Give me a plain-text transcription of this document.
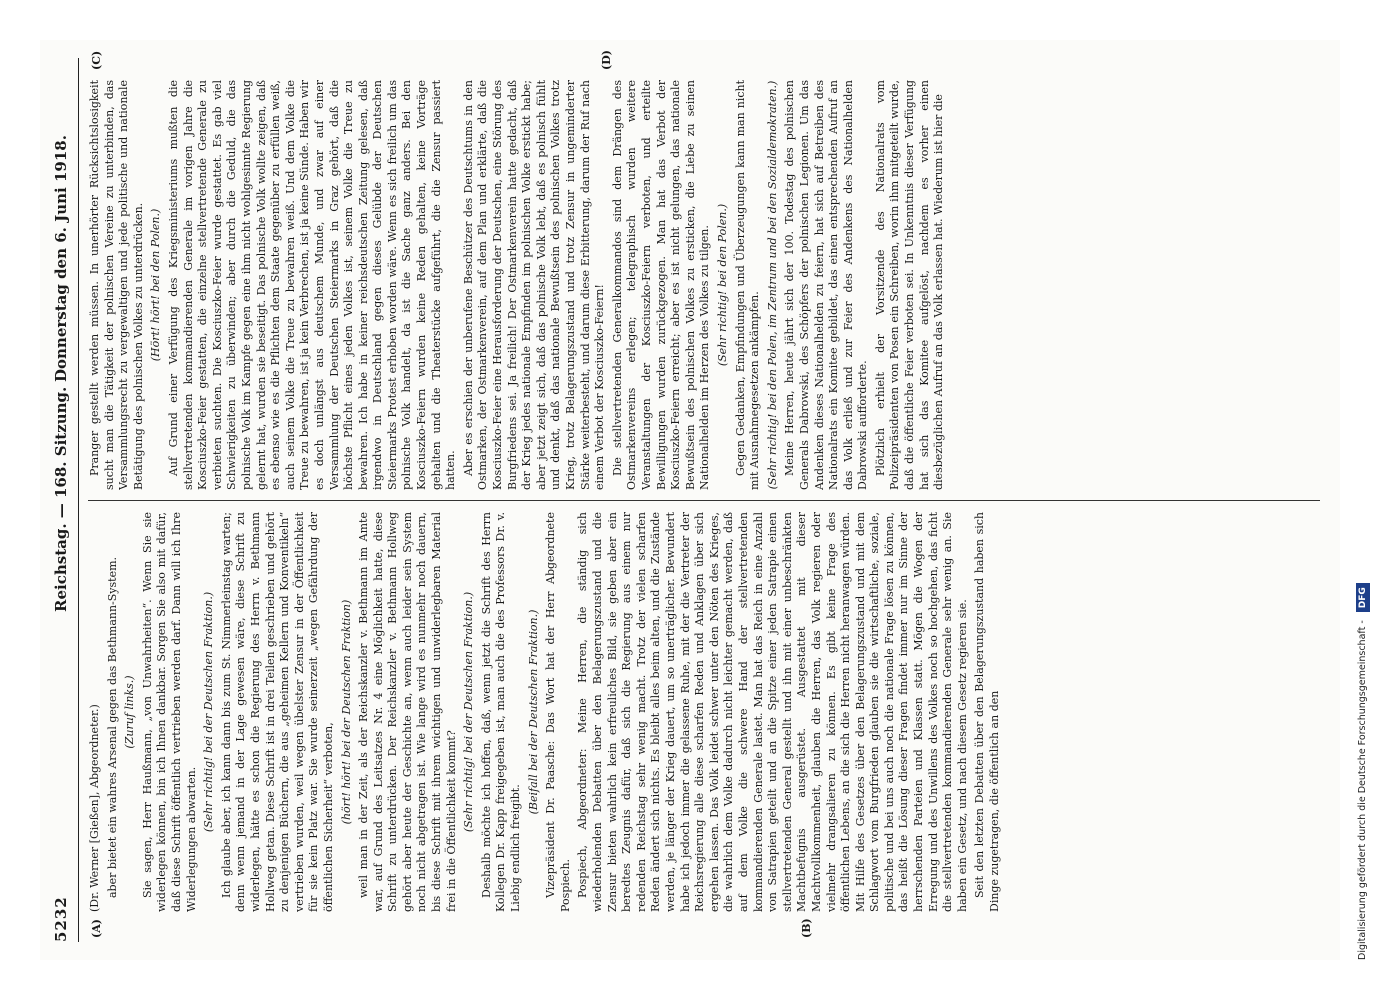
5232
Reichstag. — 168. Sitzung.
Donnerstag den 6. Juni 1918.
(A)	(B)
(C)	(D)

(Dr. Werner [Gießen], Abgeordneter.) aber bietet ein wahres Arsenal gegen das Bethmann-System. (Zuruf links.) Sie sagen, Herr Haußmann, „von Unwahrheiten“. Wenn Sie sie widerlegen können, bin ich Ihnen dankbar. Sorgen Sie also mit dafür, daß diese Schrift öffentlich vertrieben werden darf. Dann will ich Ihre Widerlegungen abwarten.

(Sehr richtig! bei der Deutschen Fraktion.) Ich glaube aber, ich kann dann bis zum St. Nimmerleinstag warten; denn wenn jemand in der Lage gewesen wäre, diese Schrift zu widerlegen, hätte es schon die Regierung des Herrn v. Bethmann Hollweg getan. Diese Schrift ist in drei Teilen geschrieben und gehört zu denjenigen Büchern, die aus „geheimen Kellern und Konventikeln“ vertrieben wurden, weil wegen übelster Zensur in der Öffentlichkeit für sie kein Platz war. Sie wurde seinerzeit „wegen Gefährdung der öffentlichen Sicherheit“ verboten, (hört! hört! bei der Deutschen Fraktion) weil man in der Zeit, als der Reichskanzler v. Bethmann im Amte war, auf Grund des Leitsatzes Nr. 4 eine Möglichkeit hatte, diese Schrift zu unterdrücken. Der Reichskanzler v. Bethmann Hollweg gehört aber heute der Geschichte an, wenn auch leider sein System noch nicht abgetragen ist. Wie lange wird es nunmehr noch dauern, bis diese Schrift mit ihrem wichtigen und unwiderlegbaren Material frei in die Öffentlichkeit kommt? (Sehr richtig! bei der Deutschen Fraktion.) Deshalb möchte ich hoffen, daß, wenn jetzt die Schrift des Herrn Kollegen Dr. Kapp freigegeben ist, man auch die des Professors Dr. v. Liebig endlich freigibt.

(Beifall bei der Deutschen Fraktion.) Vizepräsident Dr. Paasche: Das Wort hat der Herr Abgeordnete Pospiech. Pospiech, Abgeordneter: Meine Herren, die ständig sich wiederholenden Debatten über den Belagerungszustand und die Zensur bieten wahrlich kein erfreuliches Bild, sie geben aber ein beredtes Zeugnis dafür, daß sich die Regierung aus einem nur redenden Reichstag sehr wenig macht. Trotz der vielen scharfen Reden ändert sich nichts. Es bleibt alles beim alten, und die Zustände werden, je länger der Krieg dauert, um so unerträglicher. Bewundert habe ich jedoch immer die gelassene Ruhe, mit der die Vertreter der Reichsregierung alle diese scharfen Reden und Anklagen über sich ergehen lassen. Das Volk leidet schwer unter den Nöten des Krieges, die wahrlich dem Volke dadurch nicht leichter gemacht werden, daß auf dem Volke die schwere Hand der stellvertretenden kommandierenden Generale lastet. Man hat das Reich in eine Anzahl von Satrapien geteilt und an die Spitze einer jeden Satrapie einen stellvertretenden General gestellt und ihn mit einer unbeschränkten Machtbefugnis ausgerüstet. Ausgestattet mit dieser Machtvollkommenheit, glauben die Herren, das Volk regieren oder vielmehr drangsalieren zu können. Es gibt keine Frage des öffentlichen Lebens, an die sich die Herren nicht heranwagen würden. Mit Hilfe des Gesetzes über den Belagerungszustand und mit dem Schlagwort vom Burgfrieden glauben sie die wirtschaftliche, soziale, politische und bei uns auch noch die nationale Frage lösen zu können, das heißt die Lösung dieser Fragen findet immer nur im Sinne der herrschenden Parteien und Klassen statt. Mögen die Wogen der Erregung und des Unwillens des Volkes noch so hochgehen, das ficht die stellvertretenden kommandierenden Generale sehr wenig an. Sie haben ein Gesetz, und nach diesem Gesetz regieren sie. Seit den letzten Debatten über den Belagerungszustand haben sich Dinge zugetragen, die öffentlich an den

Pranger gestellt werden müssen. In unerhörter Rücksichtslosigkeit sucht man die Tätigkeit der polnischen Vereine zu unterbinden, das Versammlungsrecht zu vergewaltigen und jede politische und nationale Betätigung des polnischen Volkes zu unterdrücken. (Hört! hört! bei den Polen.) Auf Grund einer Verfügung des Kriegsministeriums mußten die stellvertretenden kommandierenden Generale im vorigen Jahre die Kosciuszko-Feier gestatten, die einzelne stellvertretende Generale zu verbieten suchten. Die Kosciuszko-Feier wurde gestattet. Es gab viel Schwierigkeiten zu überwinden; aber durch die Geduld, die das polnische Volk im Kampfe gegen eine ihm nicht wohlgesinnte Regierung gelernt hat, wurden sie beseitigt. Das polnische Volk wollte zeigen, daß es ebenso wie es die Pflichten dem Staate gegenüber zu erfüllen weiß, auch seinem Volke die Treue zu bewahren weiß. Und dem Volke die Treue zu bewahren, ist ja kein Verbrechen, ist ja keine Sünde. Haben wir es doch unlängst aus deutschem Munde, und zwar auf einer Versammlung der Deutschen Steiermarks in Graz gehört, daß die höchste Pflicht eines jeden Volkes ist, seinem Volke die Treue zu bewahren. Ich habe in keiner reichsdeutschen Zeitung gelesen, daß irgendwo in Deutschland gegen dieses Gelübde der Deutschen Steiermarks Protest erhoben worden wäre. Wenn es sich freilich um das polnische Volk handelt, da ist die Sache ganz anders. Bei den Kosciuszko-Feiern wurden keine Reden gehalten, keine Vorträge gehalten und die Theaterstücke aufgeführt, die die Zensur passiert hatten. Aber es erschien der unberufene Beschützer des Deutschtums in den Ostmarken, der Ostmarkenverein, auf dem Plan und erklärte, daß die Kosciuszko-Feier eine Herausforderung der Deutschen, eine Störung des Burgfriedens sei. Ja freilich! Der Ostmarkenverein hatte gedacht, daß der Krieg jedes nationale Empfinden im polnischen Volke erstickt habe; aber jetzt zeigt sich, daß das polnische Volk lebt, daß es polnisch fühlt und denkt, daß das nationale Bewußtsein des polnischen Volkes trotz Krieg, trotz Belagerungszustand und trotz Zensur in ungeminderter Stärke weiterbesteht, und darum diese Erbitterung, darum der Ruf nach einem Verbot der Kosciuszko-Feiern! Die stellvertretenden Generalkommandos sind dem Drängen des Ostmarkenvereins erlegen; telegraphisch wurden weitere Veranstaltungen der Kosciuszko-Feiern verboten, und erteilte Bewilligungen wurden zurückgezogen. Man hat das Verbot der Kosciuszko-Feiern erreicht; aber es ist nicht gelungen, das nationale Bewußtsein des polnischen Volkes zu ersticken, die Liebe zu seinen Nationalhelden im Herzen des Volkes zu tilgen. (Sehr richtig! bei den Polen.) Gegen Gedanken, Empfindungen und Überzeugungen kann man nicht mit Ausnahmegesetzen ankämpfen. (Sehr richtig! bei den Polen, im Zentrum und bei den Sozialdemokraten.) Meine Herren, heute jährt sich der 100. Todestag des polnischen Generals Dabrowski, des Schöpfers der polnischen Legionen. Um das Andenken dieses Nationalhelden zu feiern, hat sich auf Betreiben des Nationalrats ein Komitee gebildet, das einen entsprechenden Aufruf an das Volk erließ und zur Feier des Andenkens des Nationalhelden Dabrowski aufforderte. Plötzlich erhielt der Vorsitzende des Nationalrats vom Polizeipräsidenten von Posen ein Schreiben, worin ihm mitgeteilt wurde, daß die öffentliche Feier verboten sei. In Unkenntnis dieser Verfügung hat sich das Komitee aufgelöst, nachdem es vorher einen diesbezüglichen Aufruf an das Volk erlassen hat. Wiederum ist hier die

Digitalisierung gefördert durch die Deutsche Forschungsgemeinschaft -DFG
